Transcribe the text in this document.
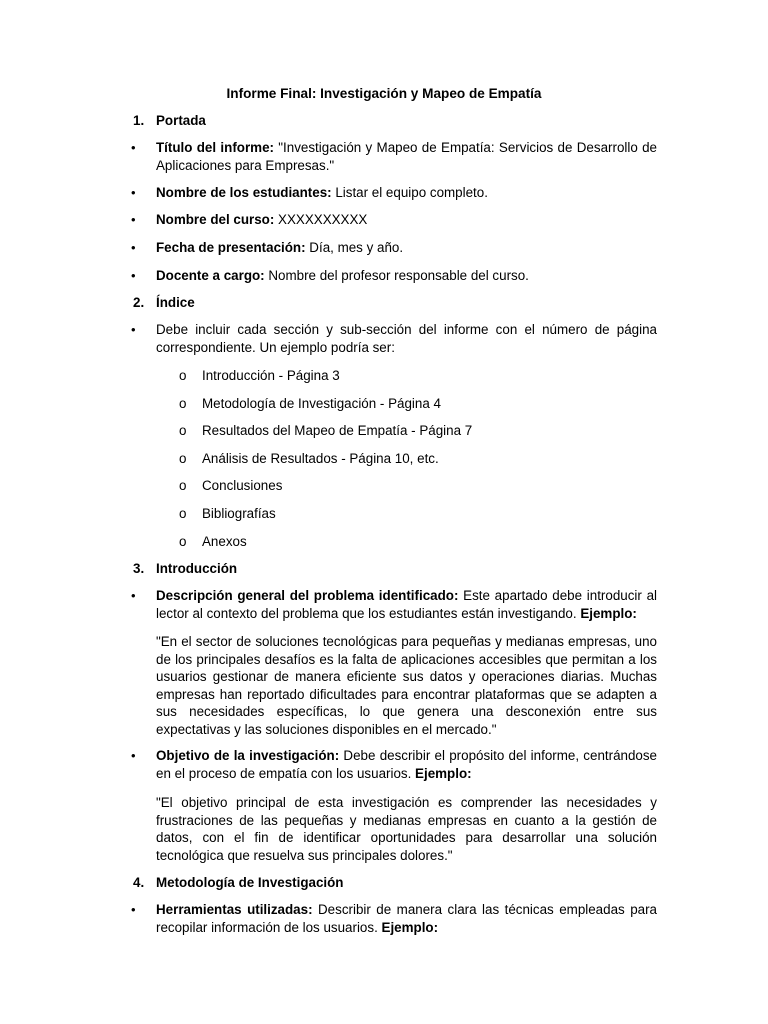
Informe Final: Investigación y Mapeo de Empatía
1. Portada
• Título del informe: "Investigación y Mapeo de Empatía: Servicios de Desarrollo de Aplicaciones para Empresas."
• Nombre de los estudiantes: Listar el equipo completo.
• Nombre del curso: XXXXXXXXXX
• Fecha de presentación: Día, mes y año.
• Docente a cargo: Nombre del profesor responsable del curso.
2. Índice
• Debe incluir cada sección y sub-sección del informe con el número de página correspondiente. Un ejemplo podría ser:
o Introducción - Página 3
o Metodología de Investigación - Página 4
o Resultados del Mapeo de Empatía - Página 7
o Análisis de Resultados - Página 10, etc.
o Conclusiones
o Bibliografías
o Anexos
3. Introducción
• Descripción general del problema identificado: Este apartado debe introducir al lector al contexto del problema que los estudiantes están investigando. Ejemplo:
"En el sector de soluciones tecnológicas para pequeñas y medianas empresas, uno de los principales desafíos es la falta de aplicaciones accesibles que permitan a los usuarios gestionar de manera eficiente sus datos y operaciones diarias. Muchas empresas han reportado dificultades para encontrar plataformas que se adapten a sus necesidades específicas, lo que genera una desconexión entre sus expectativas y las soluciones disponibles en el mercado."
• Objetivo de la investigación: Debe describir el propósito del informe, centrándose en el proceso de empatía con los usuarios. Ejemplo:
"El objetivo principal de esta investigación es comprender las necesidades y frustraciones de las pequeñas y medianas empresas en cuanto a la gestión de datos, con el fin de identificar oportunidades para desarrollar una solución tecnológica que resuelva sus principales dolores."
4. Metodología de Investigación
• Herramientas utilizadas: Describir de manera clara las técnicas empleadas para recopilar información de los usuarios. Ejemplo:
